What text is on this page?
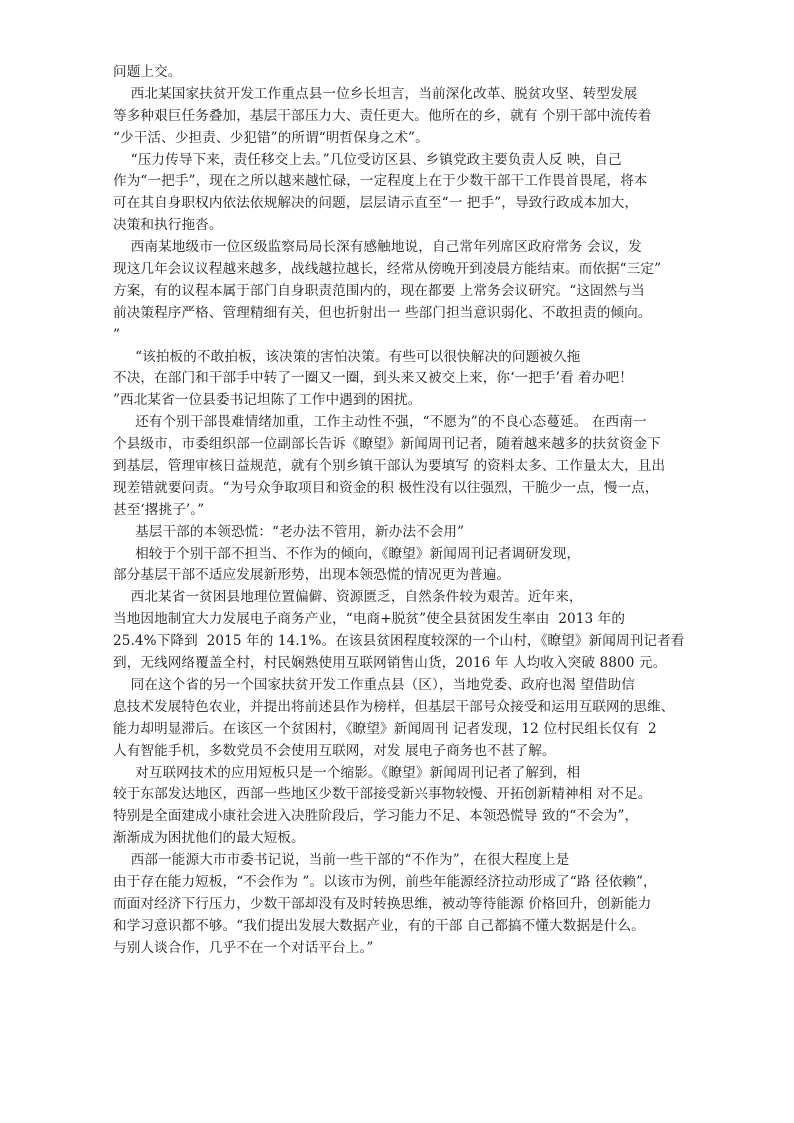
问题上交。
西北某国家扶贫开发工作重点县一位乡长坦言，当前深化改革、脱贫攻坚、转型发展
等多种艰巨任务叠加，基层干部压力大、责任更大。他所在的乡，就有 个别干部中流传着
“少干活、少担责、少犯错”的所谓“明哲保身之术”。
“压力传导下来，责任移交上去。”几位受访区县、乡镇党政主要负责人反 映，自己
作为“一把手”，现在之所以越来越忙碌，一定程度上在于少数干部干工作畏首畏尾，将本
可在其自身职权内依法依规解决的问题，层层请示直至“一 把手”，导致行政成本加大，
决策和执行拖沓。
西南某地级市一位区级监察局局长深有感触地说，自己常年列席区政府常务 会议，发
现这几年会议议程越来越多，战线越拉越长，经常从傍晚开到凌晨方能结束。而依据“三定”
方案，有的议程本属于部门自身职责范围内的，现在都要 上常务会议研究。“这固然与当
前决策程序严格、管理精细有关，但也折射出一 些部门担当意识弱化、不敢担责的倾向。
”
“该拍板的不敢拍板，该决策的害怕决策。有些可以很快解决的问题被久拖
不决，在部门和干部手中转了一圈又一圈，到头来又被交上来，你‘一把手’看 着办吧！
”西北某省一位县委书记坦陈了工作中遇到的困扰。
还有个别干部畏难情绪加重，工作主动性不强，“不愿为”的不良心态蔓延。 在西南一
个县级市，市委组织部一位副部长告诉《瞭望》新闻周刊记者，随着越来越多的扶贫资金下
到基层，管理审核日益规范，就有个别乡镇干部认为要填写 的资料太多、工作量太大，且出
现差错就要问责。“为号众争取项目和资金的积 极性没有以往强烈，干脆少一点，慢一点，
甚至‘撂挑子’。”
基层干部的本领恐慌：“老办法不管用，新办法不会用”
相较于个别干部不担当、不作为的倾向，《瞭望》新闻周刊记者调研发现，
部分基层干部不适应发展新形势，出现本领恐慌的情况更为普遍。
西北某省一贫困县地理位置偏僻、资源匮乏，自然条件较为艰苦。近年来，
当地因地制宜大力发展电子商务产业，“电商+脱贫”使全县贫困发生率由  2013 年的
25.4%下降到  2015 年的 14.1%。在该县贫困程度较深的一个山村，《瞭望》新闻周刊记者看
到，无线网络覆盖全村，村民娴熟使用互联网销售山货，2016 年 人均收入突破 8800 元。
同在这个省的另一个国家扶贫开发工作重点县（区），当地党委、政府也渴 望借助信
息技术发展特色农业，并提出将前述县作为榜样，但基层干部号众接受和运用互联网的思维、
能力却明显滞后。在该区一个贫困村，《瞭望》新闻周刊 记者发现，12 位村民组长仅有  2
人有智能手机，多数党员不会使用互联网，对发 展电子商务也不甚了解。
对互联网技术的应用短板只是一个缩影。《瞭望》新闻周刊记者了解到，相
较于东部发达地区，西部一些地区少数干部接受新兴事物较慢、开拓创新精神相 对不足。
特别是全面建成小康社会进入决胜阶段后，学习能力不足、本领恐慌导 致的“不会为”，
渐渐成为困扰他们的最大短板。
西部一能源大市市委书记说，当前一些干部的“不作为”，在很大程度上是
由于存在能力短板，“不会作为 ”。以该市为例，前些年能源经济拉动形成了“路 径依赖”，
而面对经济下行压力，少数干部却没有及时转换思维，被动等待能源 价格回升，创新能力
和学习意识都不够。“我们提出发展大数据产业，有的干部 自己都搞不懂大数据是什么。
与别人谈合作，几乎不在一个对话平台上。”
